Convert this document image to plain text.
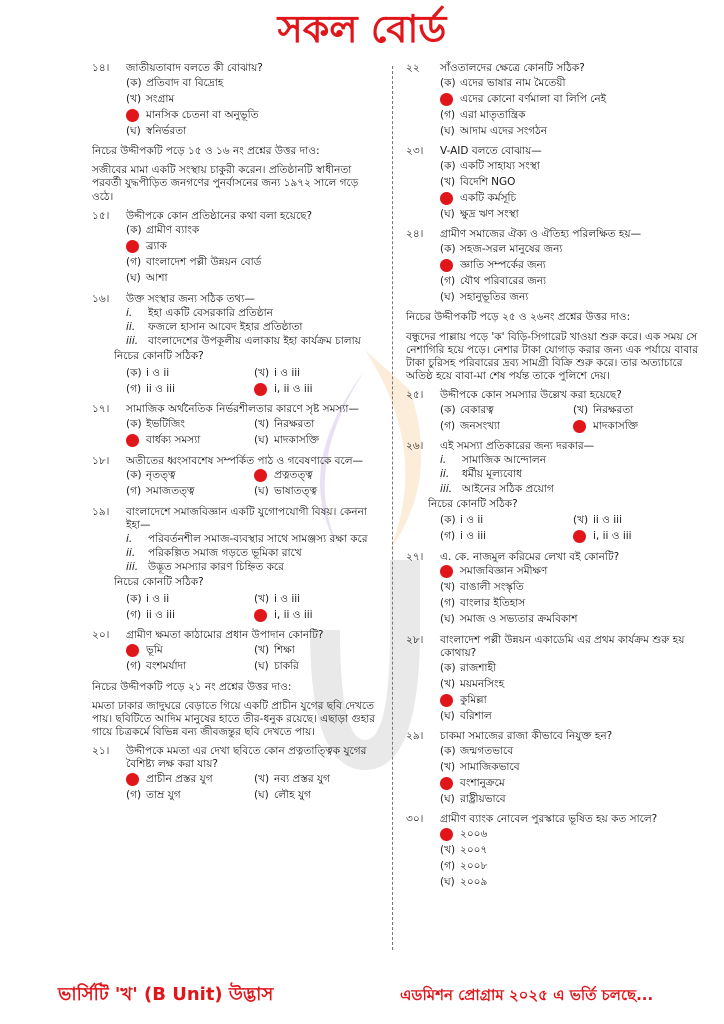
সকল বোর্ড
১৪।	জাতীয়তাবাদ বলতে কী বোঝায়?
(ক) প্রতিবাদ বা বিদ্রোহ
(খ) সংগ্রাম
মানসিক চেতনা বা অনুভূতি
(ঘ) স্বনির্ভরতা
নিচের উদ্দীপকটি পড়ে ১৫ ও ১৬ নং প্রশ্নের উত্তর দাও:
সজীবের মামা একটি সংস্থায় চাকুরী করেন। প্রতিষ্ঠানটি স্বাধীনতা পরবর্তী যুদ্ধপীড়িত জনগণের পুনর্বাসনের জন্য ১৯৭২ সালে গড়ে ওঠে।
১৫।	উদ্দীপকে কোন প্রতিষ্ঠানের কথা বলা হয়েছে?
(ক) গ্রামীণ ব্যাংক
ব্র্যাক
(গ) বাংলাদেশ পল্লী উন্নয়ন বোর্ড
(ঘ) আশা
১৬।	উক্ত সংস্থার জন্য সঠিক তথ্য—
i.	ইহা একটি বেসরকারি প্রতিষ্ঠান
ii.	ফজলে হাসান আবেদ ইহার প্রতিষ্ঠাতা
iii. বাংলাদেশের উপকূলীয় এলাকায় ইহা কার্যক্রম চালায়
নিচের কোনটি সঠিক?
(ক) i ও ii	(খ) i ও iii
(গ) ii ও iii	i, ii ও iii
১৭।	সামাজিক অর্থনৈতিক নির্ভরশীলতার কারণে সৃষ্ট সমস্যা—
(ক) ইভটিজিং	(খ) নিরক্ষরতা
বার্ধক্য সমস্যা	(ঘ) মাদকাসক্তি
১৮।	অতীতের ধ্বংসাবশেষ সম্পর্কিত পাঠ ও গবেষণাকে বলে—
(ক) নৃতত্ত্ব	প্রত্নতত্ত্ব
(গ) সমাজতত্ত্ব	(ঘ) ভাষাতত্ত্ব
১৯।	বাংলাদেশে সমাজবিজ্ঞান একটি যুগোপযোগী বিষয়। কেননা ইহা—
i.	পরিবর্তনশীল সমাজ-ব্যবস্থার সাথে সামঞ্জস্য রক্ষা করে
ii.	পরিকল্পিত সমাজ গড়তে ভূমিকা রাখে
iii. উদ্ভূত সমস্যার কারণ চিহ্নিত করে
নিচের কোনটি সঠিক?
(ক) i ও ii	(খ) i ও iii
(গ) ii ও iii	i, ii ও iii
২০।	গ্রামীণ ক্ষমতা কাঠামোর প্রধান উপাদান কোনটি?
ভূমি	(খ) শিক্ষা
(গ) বংশমর্যাদা	(ঘ) চাকরি
নিচের উদ্দীপকটি পড়ে ২১ নং প্রশ্নের উত্তর দাও:
মমতা ঢাকার জাদুঘরে বেড়াতে গিয়ে একটি প্রাচীন যুগের ছবি দেখতে পায়। ছবিটিতে আদিম মানুষের হাতে তীর-ধনুক রয়েছে। এছাড়া গুহার গায়ে চিত্রকর্মে বিভিন্ন বন্য জীবজন্তুর ছবি দেখতে পায়।
২১।	উদ্দীপকে মমতা এর দেখা ছবিতে কোন প্রত্নতাত্ত্বিক যুগের বৈশিষ্ট্য লক্ষ করা যায়?
প্রাচীন প্রস্তর যুগ	(খ) নব্য প্রস্তর যুগ
(গ) তাম্র যুগ	(ঘ) লৌহ যুগ
২২	সাঁওতালদের ক্ষেত্রে কোনটি সঠিক?
(ক) এদের ভাষার নাম মৈতেয়ী
এদের কোনো বর্ণমালা বা লিপি নেই
(গ) এরা মাতৃতান্ত্রিক
(ঘ) আদাম এদের সংগঠন
২৩।	V-AID বলতে বোঝায়—
(ক) একটি সাহায্য সংস্থা
(খ) বিদেশি NGO
একটি কর্মসূচি
(ঘ) ক্ষুদ্র ঋণ সংস্থা
২৪।	গ্রামীণ সমাজের ঐক্য ও ঐতিহ্য পরিলক্ষিত হয়—
(ক) সহজ-সরল মানুষের জন্য
জ্ঞাতি সম্পর্কের জন্য
(গ) যৌথ পরিবারের জন্য
(ঘ) সহানুভূতির জন্য
নিচের উদ্দীপকটি পড়ে ২৫ ও ২৬নং প্রশ্নের উত্তর দাও:
বন্ধুদের পাল্লায় পড়ে 'ক' বিড়ি-সিগারেট খাওয়া শুরু করে। এক সময় সে নেশাগিরি হয়ে পড়ে। নেশার টাকা যোগাড় করার জন্য এক পর্যায়ে বাবার টাকা চুরিসহ পরিবারের দ্রব্য সামগ্রী বিক্রি শুরু করে। তার অত্যাচারে অতিষ্ঠ হয়ে বাবা-মা শেষ পর্যন্ত তাকে পুলিশে দেয়।
২৫।	উদ্দীপকে কোন সমস্যার উল্লেখ করা হয়েছে?
(ক) বেকারত্ব	(খ) নিরক্ষরতা
(গ) জনসংখ্যা	মাদকাসক্তি
২৬।	এই সমস্যা প্রতিকারের জন্য দরকার—
i.	সামাজিক আন্দোলন
ii.	ধর্মীয় মূল্যবোধ
iii. আইনের সঠিক প্রয়োগ
নিচের কোনটি সঠিক?
(ক) i ও ii	(খ) ii ও iii
(গ) i ও iii	i, ii ও iii
২৭।	এ. কে. নাজমুল করিমের লেখা বই কোনটি?
সমাজবিজ্ঞান সমীক্ষণ
(খ) বাঙালী সংস্কৃতি
(গ) বাংলার ইতিহাস
(ঘ) সমাজ ও সভ্যতার ক্রমবিকাশ
২৮।	বাংলাদেশ পল্লী উন্নয়ন একাডেমি এর প্রথম কার্যক্রম শুরু হয় কোথায়?
(ক) রাজশাহী
(খ) ময়মনসিংহ
কুমিল্লা
(ঘ) বরিশাল
২৯।	চাকমা সমাজের রাজা কীভাবে নিযুক্ত হন?
(ক) জন্মগতভাবে
(খ) সামাজিকভাবে
বংশানুক্রমে
(ঘ) রাষ্ট্রীয়ভাবে
৩০।	গ্রামীণ ব্যাংক নোবেল পুরস্কারে ভূষিত হয় কত সালে?
২০০৬
(খ) ২০০৭
(গ) ২০০৮
(ঘ) ২০০৯
ভার্সিটি 'খ' (B Unit) উদ্ভাস	এডমিশন প্রোগ্রাম ২০২৫ এ ভর্তি চলছে...
